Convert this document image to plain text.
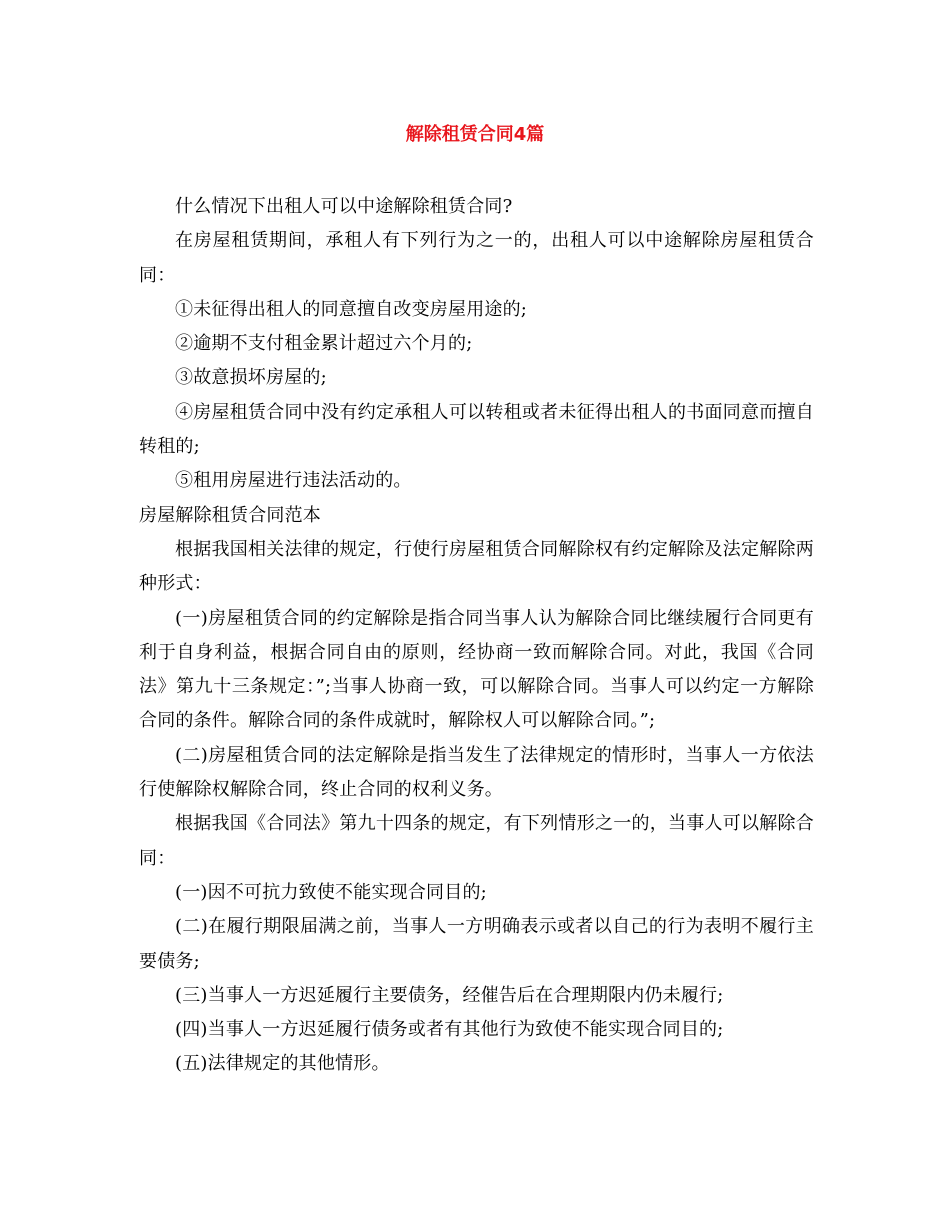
解除租赁合同4篇

什么情况下出租人可以中途解除租赁合同?

在房屋租赁期间，承租人有下列行为之一的，出租人可以中途解除房屋租赁合同：

①未征得出租人的同意擅自改变房屋用途的;

②逾期不支付租金累计超过六个月的;

③故意损坏房屋的;

④房屋租赁合同中没有约定承租人可以转租或者未征得出租人的书面同意而擅自转租的;

⑤租用房屋进行违法活动的。

房屋解除租赁合同范本

根据我国相关法律的规定，行使行房屋租赁合同解除权有约定解除及法定解除两种形式：

(一)房屋租赁合同的约定解除是指合同当事人认为解除合同比继续履行合同更有利于自身利益，根据合同自由的原则，经协商一致而解除合同。对此，我国《合同法》第九十三条规定：”;当事人协商一致，可以解除合同。当事人可以约定一方解除合同的条件。解除合同的条件成就时，解除权人可以解除合同。”;

(二)房屋租赁合同的法定解除是指当发生了法律规定的情形时，当事人一方依法行使解除权解除合同，终止合同的权利义务。

根据我国《合同法》第九十四条的规定，有下列情形之一的，当事人可以解除合同：

(一)因不可抗力致使不能实现合同目的;

(二)在履行期限届满之前，当事人一方明确表示或者以自己的行为表明不履行主要债务;

(三)当事人一方迟延履行主要债务，经催告后在合理期限内仍未履行;

(四)当事人一方迟延履行债务或者有其他行为致使不能实现合同目的;

(五)法律规定的其他情形。
